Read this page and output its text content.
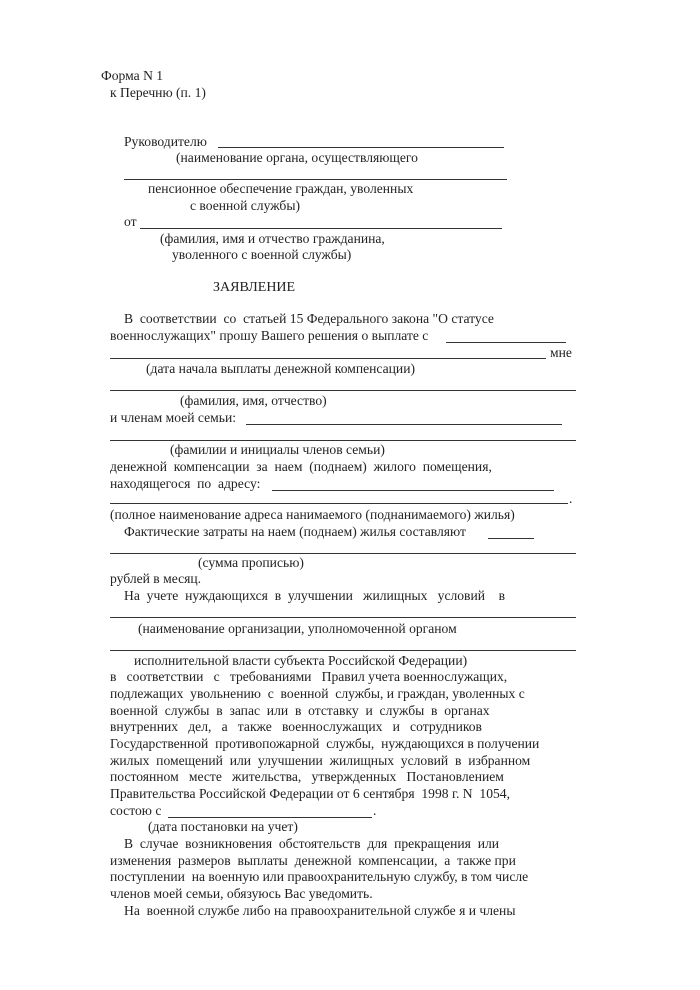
Форма N 1
к Перечню (п. 1)
Руководителю
(наименование органа, осуществляющего
пенсионное обеспечение граждан, уволенных
с военной службы)
от
(фамилия, имя и отчество гражданина,
уволенного с военной службы)
ЗАЯВЛЕНИЕ
В  соответствии  со  статьей 15 Федерального закона "О статусе
военнослужащих" прошу Вашего решения о выплате с
мне
(дата начала выплаты денежной компенсации)
(фамилия, имя, отчество)
и членам моей семьи:
(фамилии и инициалы членов семьи)
денежной  компенсации  за  наем  (поднаем)  жилого  помещения,
находящегося  по  адресу:
.
(полное наименование адреса нанимаемого (поднанимаемого) жилья)
Фактические затраты на наем (поднаем) жилья составляют
(сумма прописью)
рублей в месяц.
На  учете  нуждающихся  в  улучшении   жилищных   условий    в
(наименование организации, уполномоченной органом
исполнительной власти субъекта Российской Федерации)
в   соответствии   с   требованиями   Правил учета военнослужащих,
подлежащих  увольнению  с  военной  службы, и граждан, уволенных с
военной  службы  в  запас  или  в  отставку  и  службы  в  органах
внутренних   дел,   а   также   военнослужащих   и   сотрудников
Государственной  противопожарной  службы,  нуждающихся в получении
жилых  помещений  или  улучшении  жилищных  условий  в  избранном
постоянном   месте   жительства,   утвержденных   Постановлением
Правительства Российской Федерации от 6 сентября  1998 г. N  1054,
состою с	.
(дата постановки на учет)
В  случае  возникновения  обстоятельств  для  прекращения  или
изменения  размеров  выплаты  денежной  компенсации,  а  также при
поступлении  на военную или правоохранительную службу, в том числе
членов моей семьи, обязуюсь Вас уведомить.
На  военной службе либо на правоохранительной службе я и члены
